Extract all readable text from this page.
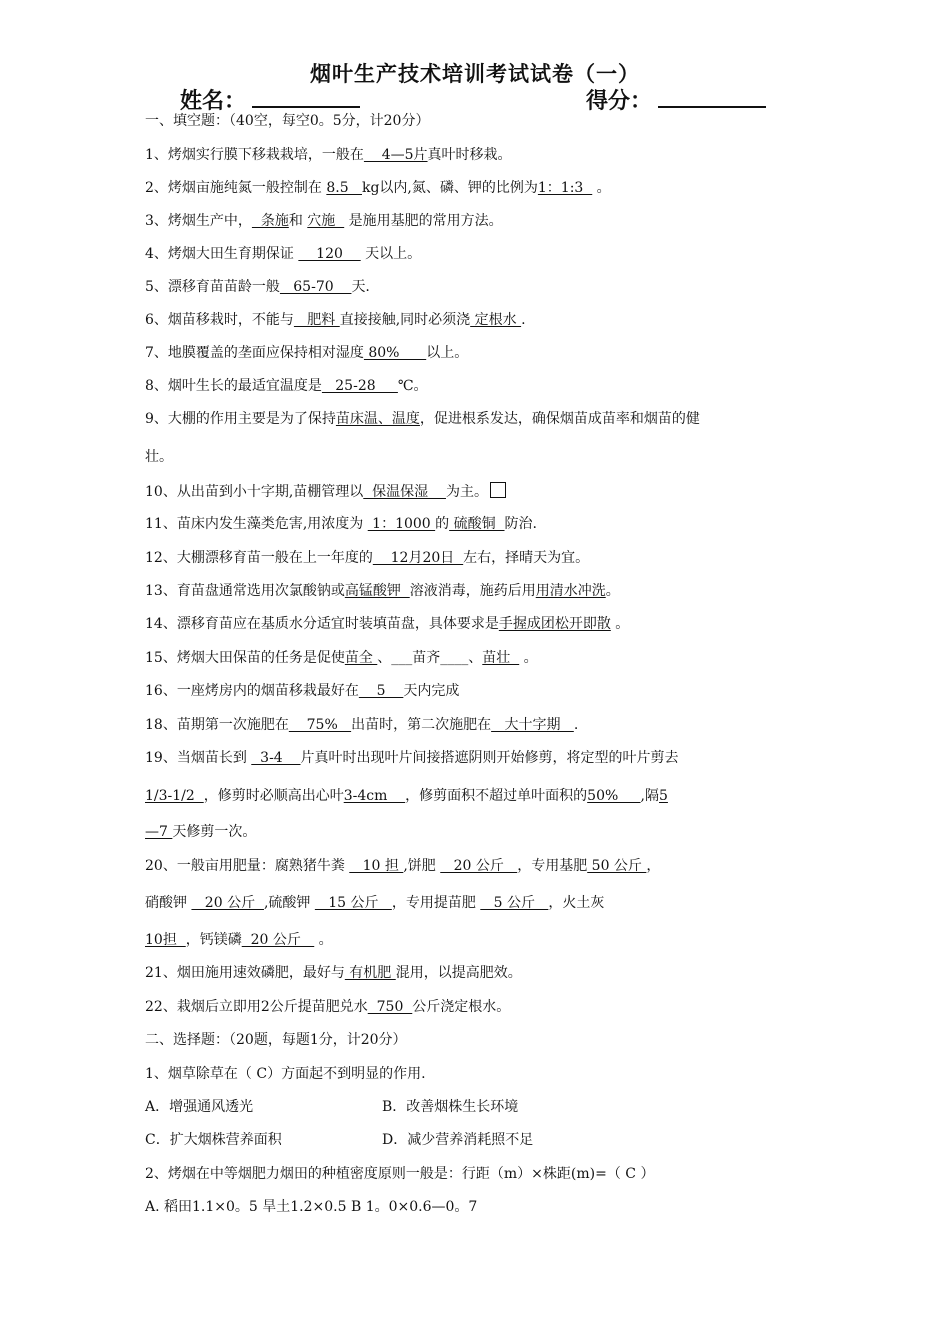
烟叶生产技术培训考试试卷（一）
姓名：	得分：
一、填空题：（40空，每空0。5分，计20分）
1、烤烟实行膜下移栽栽培，一般在    4—5片真叶时移栽。
2、烤烟亩施纯氮一般控制在 8.5   kg以内,氮、磷、钾的比例为1：1:3   。
3、烤烟生产中，  条施和 穴施   是施用基肥的常用方法。
4、烤烟大田生育期保证     120     天以上。
5、漂移育苗苗龄一般   65-70    天.
6、烟苗移栽时，不能与   肥料 直接接触,同时必须浇 定根水 .
7、地膜覆盖的垄面应保持相对湿度 80%      以上。
8、烟叶生长的最适宜温度是   25-28     ℃。
9、大棚的作用主要是为了保持苗床温、温度，促进根系发达，确保烟苗成苗率和烟苗的健
壮。
10、从出苗到小十字期,苗棚管理以  保温保湿    为主。
11、苗床内发生藻类危害,用浓度为  1：1000 的 硫酸铜  防治.
12、大棚漂移育苗一般在上一年度的    12月20日  左右，择晴天为宜。
13、育苗盘通常选用次氯酸钠或高锰酸钾  溶液消毒，施药后用用清水冲洗。
14、漂移育苗应在基质水分适宜时装填苗盘，具体要求是手握成团松开即散 。
15、烤烟大田保苗的任务是促使苗全 、___苗齐____、苗壮   。
16、一座烤房内的烟苗移栽最好在    5    天内完成
18、苗期第一次施肥在    75%   出苗时，第二次施肥在   大十字期   .
19、当烟苗长到   3-4    片真叶时出现叶片间接搭遮阴则开始修剪，将定型的叶片剪去
1/3-1/2  ，修剪时必顺高出心叶3-4cm    ，修剪面积不超过单叶面积的50%     ,隔5
—7 天修剪一次。
20、一般亩用肥量：腐熟猪牛粪    10 担 ,饼肥    20 公斤   ，专用基肥 50 公斤 ，
硝酸钾    20 公斤  ,硫酸钾    15 公斤   ，专用提苗肥    5 公斤   ，火土灰
10担  ，钙镁磷  20 公斤    。
21、烟田施用速效磷肥，最好与 有机肥 混用，以提高肥效。
22、栽烟后立即用2公斤提苗肥兑水  750  公斤浇定根水。
二、选择题：（20题，每题1分，计20分）
1、烟草除草在（ C）方面起不到明显的作用.
A．增强通风透光	B．改善烟株生长环境
C．扩大烟株营养面积	D．减少营养消耗照不足
2、烤烟在中等烟肥力烟田的种植密度原则一般是：行距（m）×株距(m)=（ C ）
A. 稻田1.1×0。5 旱土1.2×0.5 B 1。0×0.6—0。7
